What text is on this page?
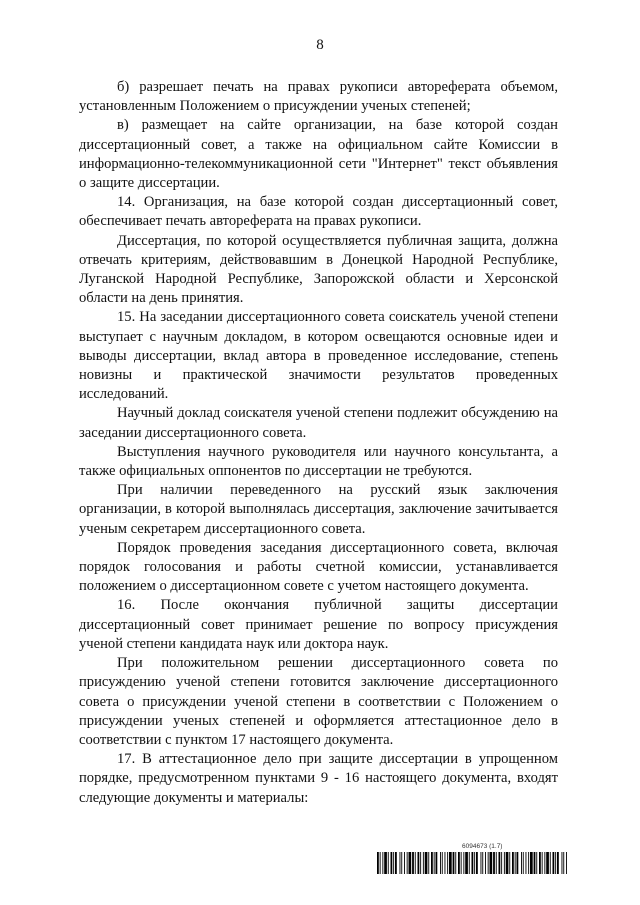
8

б) разрешает печать на правах рукописи автореферата объемом, установленным Положением о присуждении ученых степеней;

в) размещает на сайте организации, на базе которой создан диссертационный совет, а также на официальном сайте Комиссии в информационно-телекоммуникационной сети "Интернет" текст объявления о защите диссертации.

14. Организация, на базе которой создан диссертационный совет, обеспечивает печать автореферата на правах рукописи.

Диссертация, по которой осуществляется публичная защита, должна отвечать критериям, действовавшим в Донецкой Народной Республике, Луганской Народной Республике, Запорожской области и Херсонской области на день принятия.

15. На заседании диссертационного совета соискатель ученой степени выступает с научным докладом, в котором освещаются основные идеи и выводы диссертации, вклад автора в проведенное исследование, степень новизны и практической значимости результатов проведенных исследований.

Научный доклад соискателя ученой степени подлежит обсуждению на заседании диссертационного совета.

Выступления научного руководителя или научного консультанта, а также официальных оппонентов по диссертации не требуются.

При наличии переведенного на русский язык заключения организации, в которой выполнялась диссертация, заключение зачитывается ученым секретарем диссертационного совета.

Порядок проведения заседания диссертационного совета, включая порядок голосования и работы счетной комиссии, устанавливается положением о диссертационном совете с учетом настоящего документа.

16. После окончания публичной защиты диссертации диссертационный совет принимает решение по вопросу присуждения ученой степени кандидата наук или доктора наук.

При положительном решении диссертационного совета по присуждению ученой степени готовится заключение диссертационного совета о присуждении ученой степени в соответствии с Положением о присуждении ученых степеней и оформляется аттестационное дело в соответствии с пунктом 17 настоящего документа.

17. В аттестационное дело при защите диссертации в упрощенном порядке, предусмотренном пунктами 9 - 16 настоящего документа, входят следующие документы и материалы:

6094673 (1.7)
